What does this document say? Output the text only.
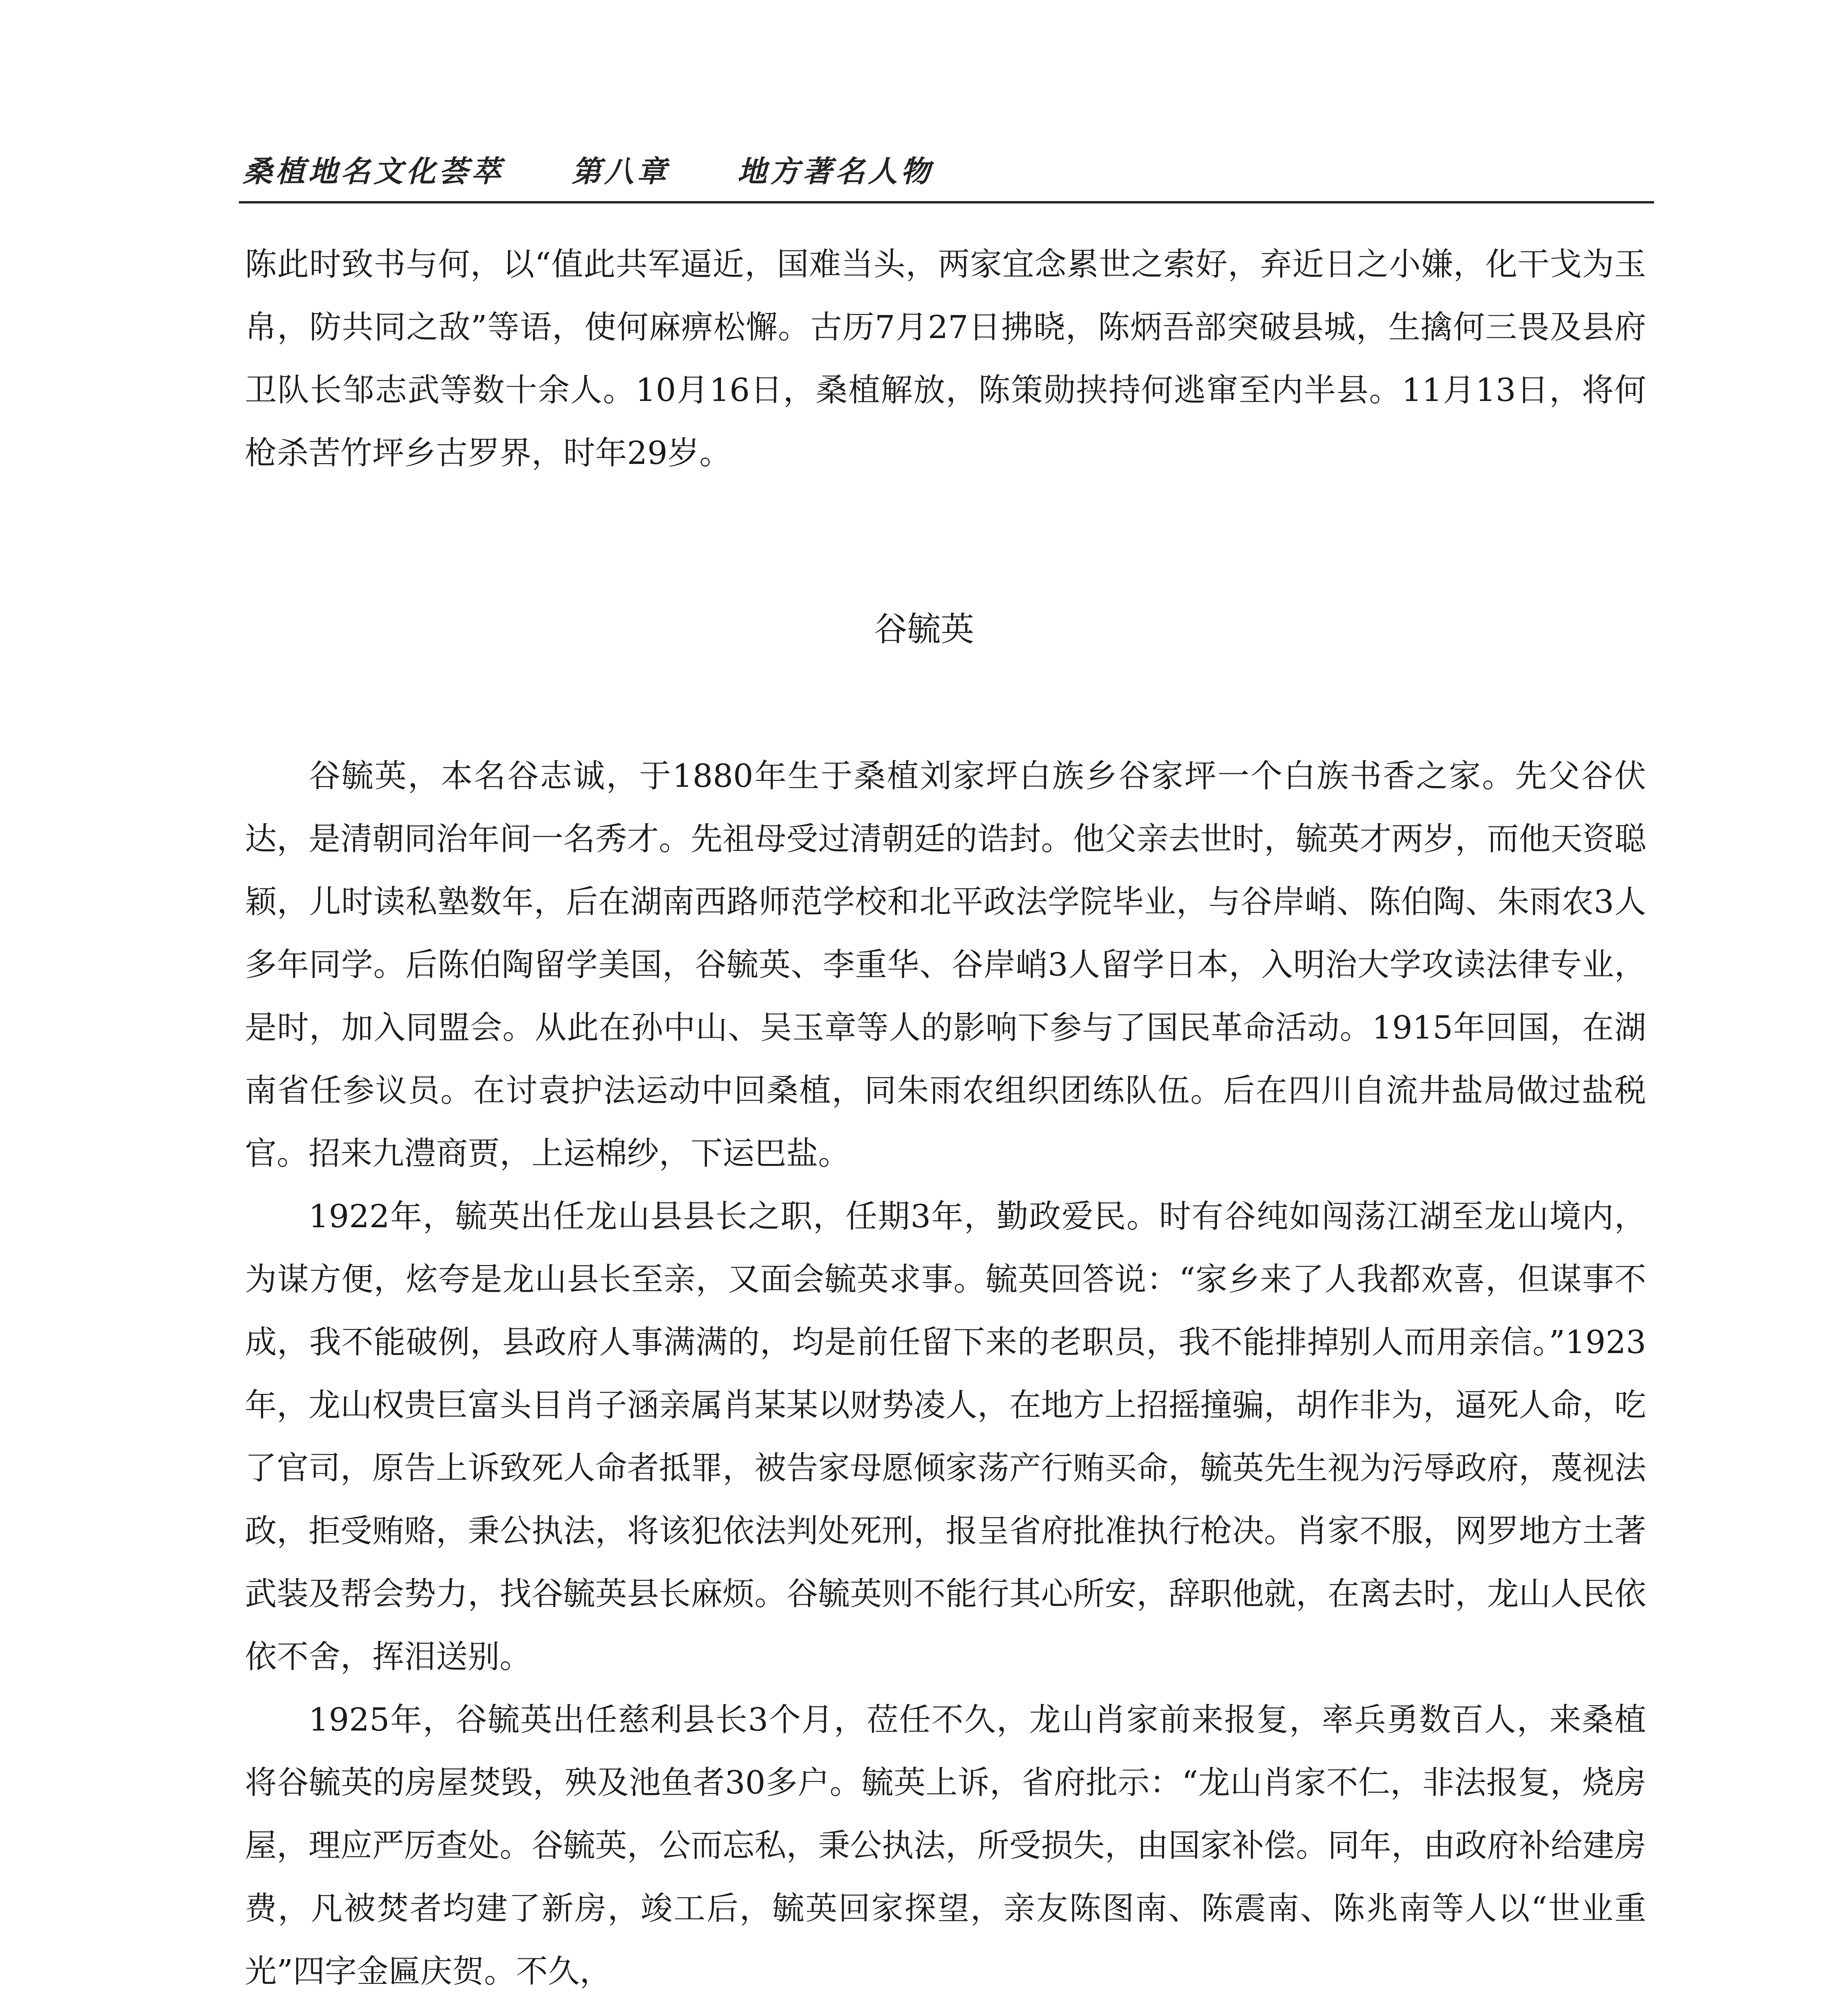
桑植地名文化荟萃 第八章 地方著名人物

陈此时致书与何，以“值此共军逼近，国难当头，两家宜念累世之索好，弃近日之小嫌，化干戈为玉帛，防共同之敌”等语，使何麻痹松懈。古历7月27日拂晓，陈炳吾部突破县城，生擒何三畏及县府卫队长邹志武等数十余人。10月16日，桑植解放，陈策勋挟持何逃窜至内半县。11月13日，将何枪杀苦竹坪乡古罗界，时年29岁。

谷毓英

谷毓英，本名谷志诚，于1880年生于桑植刘家坪白族乡谷家坪一个白族书香之家。先父谷伏达，是清朝同治年间一名秀才。先祖母受过清朝廷的诰封。他父亲去世时，毓英才两岁，而他天资聪颖，儿时读私塾数年，后在湖南西路师范学校和北平政法学院毕业，与谷岸峭、陈伯陶、朱雨农3人多年同学。后陈伯陶留学美国，谷毓英、李重华、谷岸峭3人留学日本，入明治大学攻读法律专业，是时，加入同盟会。从此在孙中山、吴玉章等人的影响下参与了国民革命活动。1915年回国，在湖南省任参议员。在讨袁护法运动中回桑植，同朱雨农组织团练队伍。后在四川自流井盐局做过盐税官。招来九澧商贾，上运棉纱，下运巴盐。

1922年，毓英出任龙山县县长之职，任期3年，勤政爱民。时有谷纯如闯荡江湖至龙山境内，为谋方便，炫夸是龙山县长至亲，又面会毓英求事。毓英回答说：“家乡来了人我都欢喜，但谋事不成，我不能破例，县政府人事满满的，均是前任留下来的老职员，我不能排掉别人而用亲信。”1923年，龙山权贵巨富头目肖子涵亲属肖某某以财势凌人，在地方上招摇撞骗，胡作非为，逼死人命，吃了官司，原告上诉致死人命者抵罪，被告家母愿倾家荡产行贿买命，毓英先生视为污辱政府，蔑视法政，拒受贿赂，秉公执法，将该犯依法判处死刑，报呈省府批准执行枪决。肖家不服，网罗地方土著武装及帮会势力，找谷毓英县长麻烦。谷毓英则不能行其心所安，辞职他就，在离去时，龙山人民依依不舍，挥泪送别。

1925年，谷毓英出任慈利县长3个月，莅任不久，龙山肖家前来报复，率兵勇数百人，来桑植将谷毓英的房屋焚毁，殃及池鱼者30多户。毓英上诉，省府批示：“龙山肖家不仁，非法报复，烧房屋，理应严厉查处。谷毓英，公而忘私，秉公执法，所受损失，由国家补偿。同年，由政府补给建房费，凡被焚者均建了新房，竣工后，毓英回家探望，亲友陈图南、陈震南、陈兆南等人以“世业重光”四字金匾庆贺。不久，
